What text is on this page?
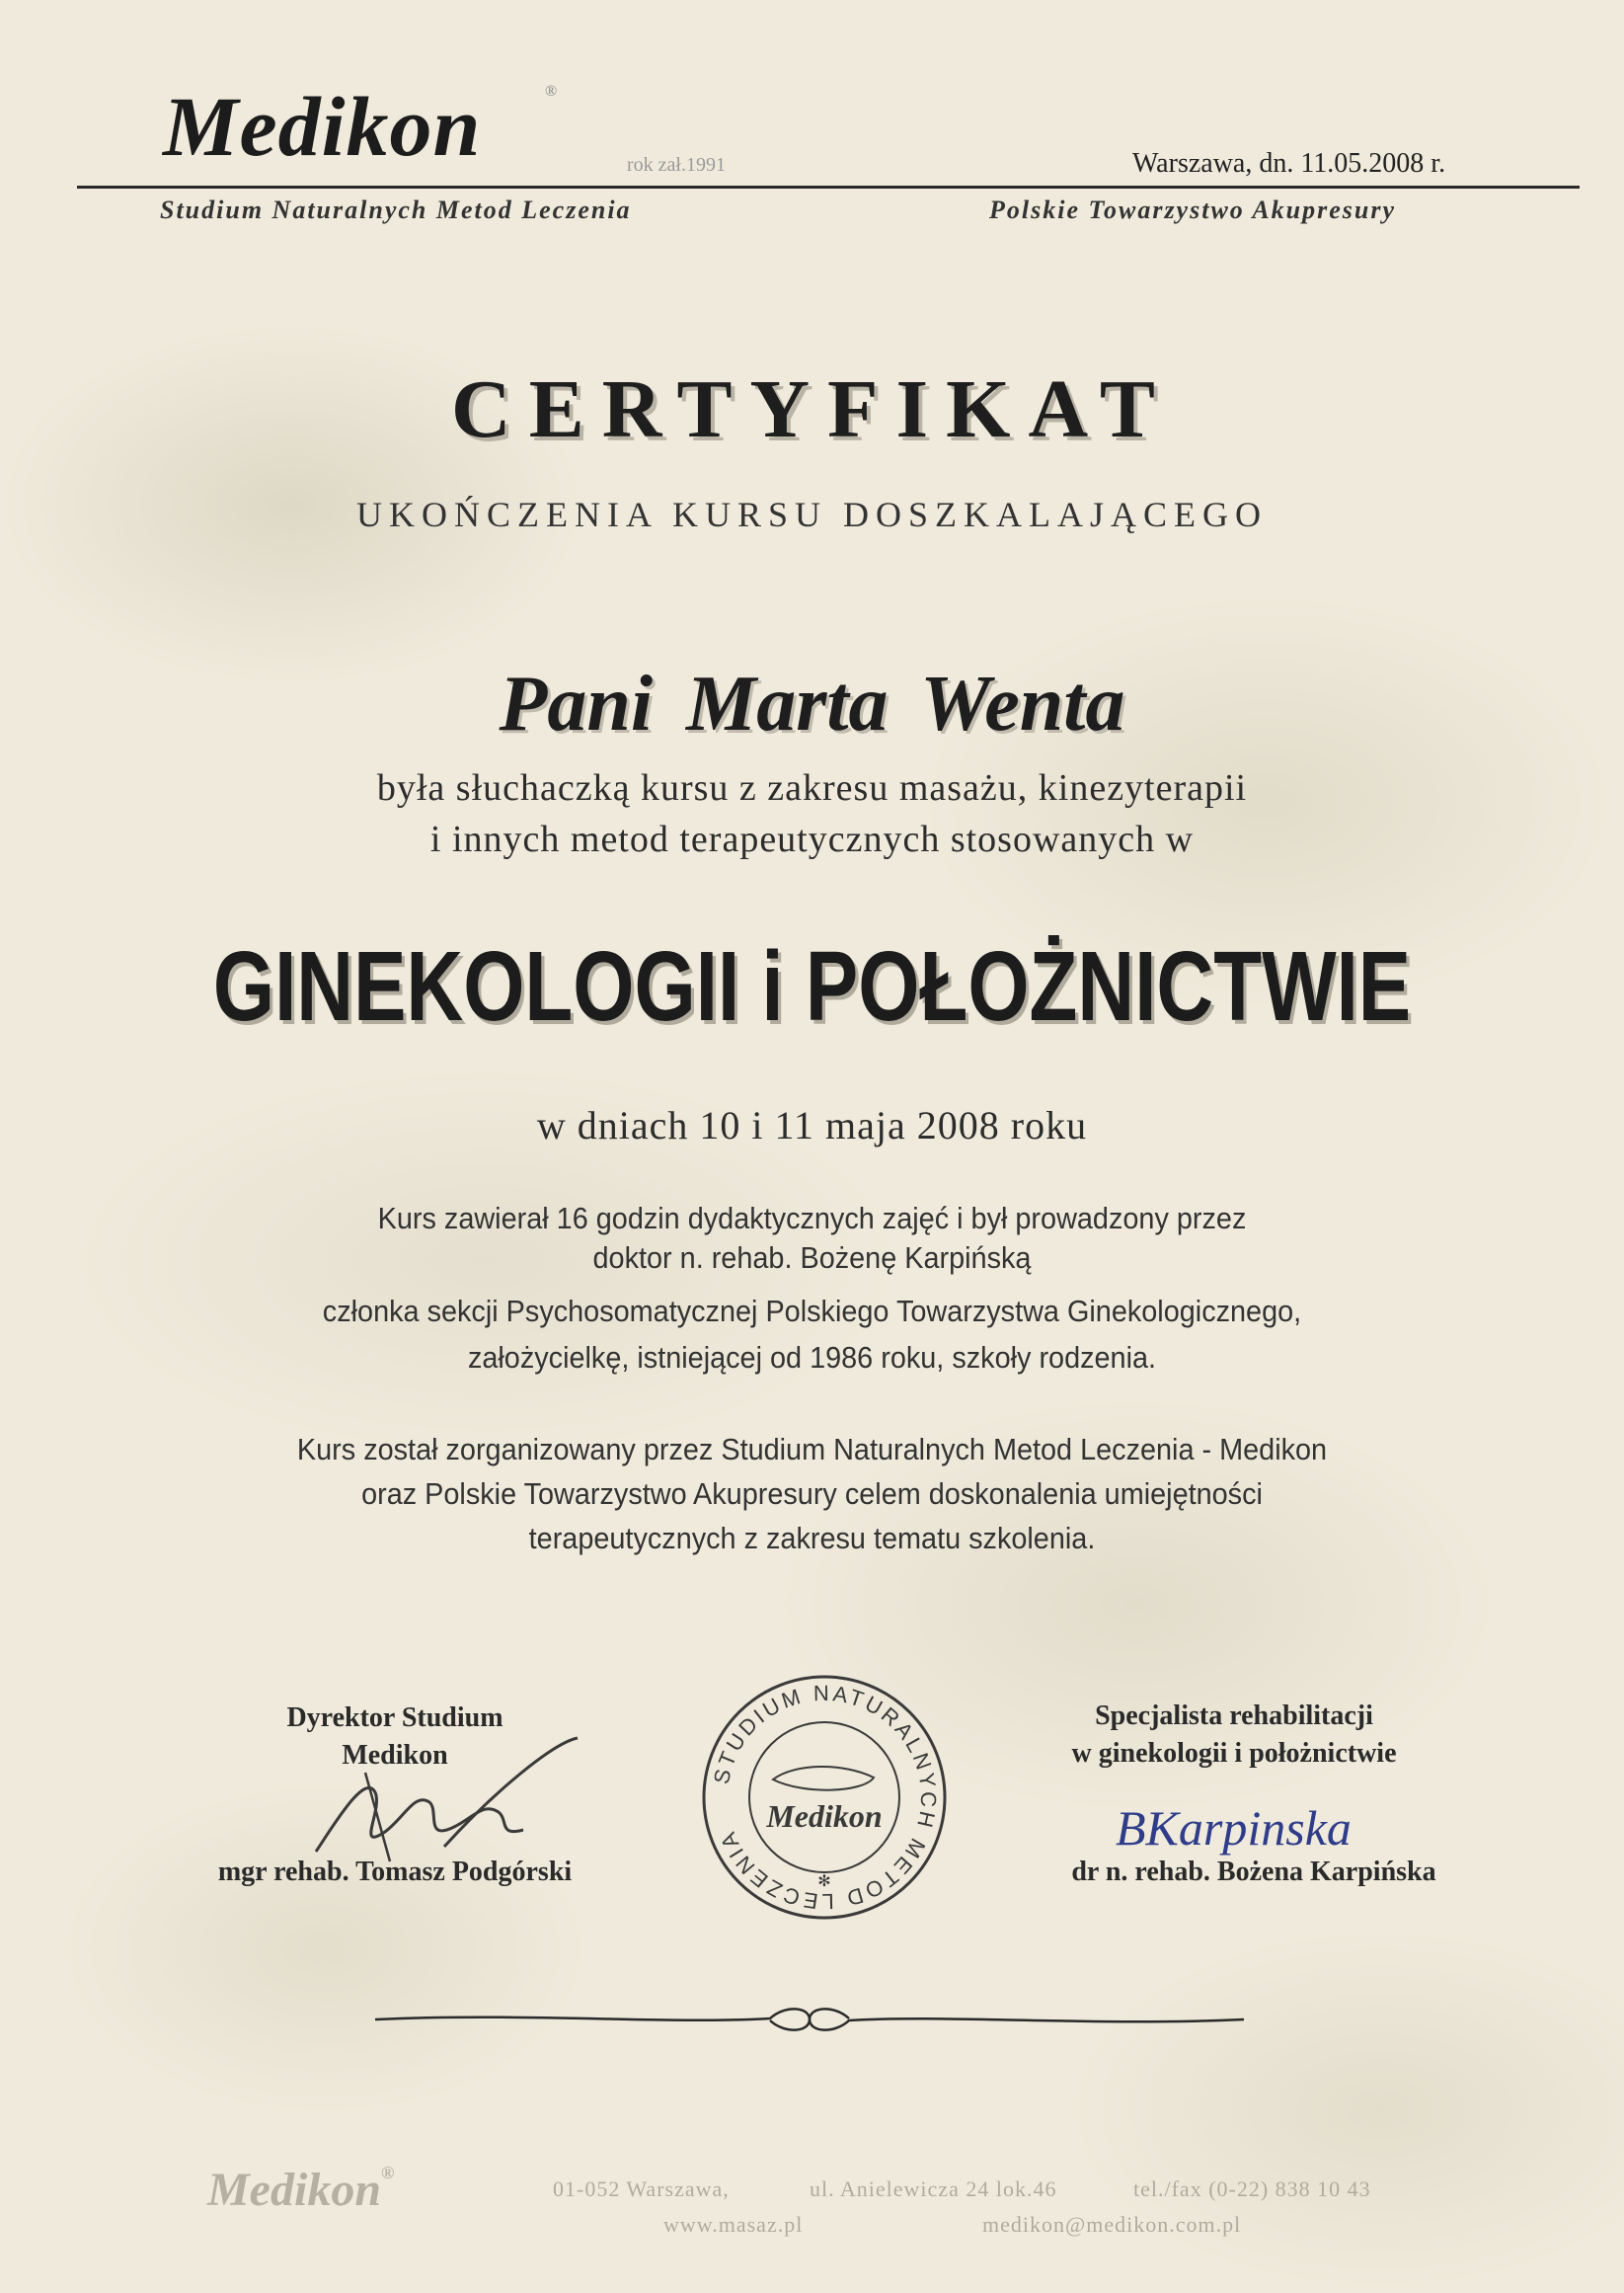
Medikon	®
rok zał.1991	Warszawa, dn. 11.05.2008 r.
Studium Naturalnych Metod Leczenia	Polskie Towarzystwo Akupresury
CERTYFIKAT
UKOŃCZENIA KURSU DOSZKALAJĄCEGO
Pani Marta Wenta
była słuchaczką kursu z zakresu masażu, kinezyterapii
i innych metod terapeutycznych stosowanych w
GINEKOLOGII i POŁOŻNICTWIE
w dniach 10 i 11 maja 2008 roku
Kurs zawierał 16 godzin dydaktycznych zajęć i był prowadzony przez
doktor n. rehab. Bożenę Karpińską
członka sekcji Psychosomatycznej Polskiego Towarzystwa Ginekologicznego,
założycielkę, istniejącej od 1986 roku, szkoły rodzenia.
Kurs został zorganizowany przez Studium Naturalnych Metod Leczenia - Medikon
oraz Polskie Towarzystwo Akupresury celem doskonalenia umiejętności
terapeutycznych z zakresu tematu szkolenia.
Dyrektor Studium
Medikon
mgr rehab. Tomasz Podgórski
STUDIUM NATURALNYCH METOD LECZENIA
Medikon
✻
Specjalista rehabilitacji
w ginekologii i położnictwie
BKarpinska
dr n. rehab. Bożena Karpińska
Medikon®
01-052 Warszawa,	ul. Anielewicza 24 lok.46	tel./fax (0-22) 838 10 43
www.masaz.pl	medikon@medikon.com.pl
